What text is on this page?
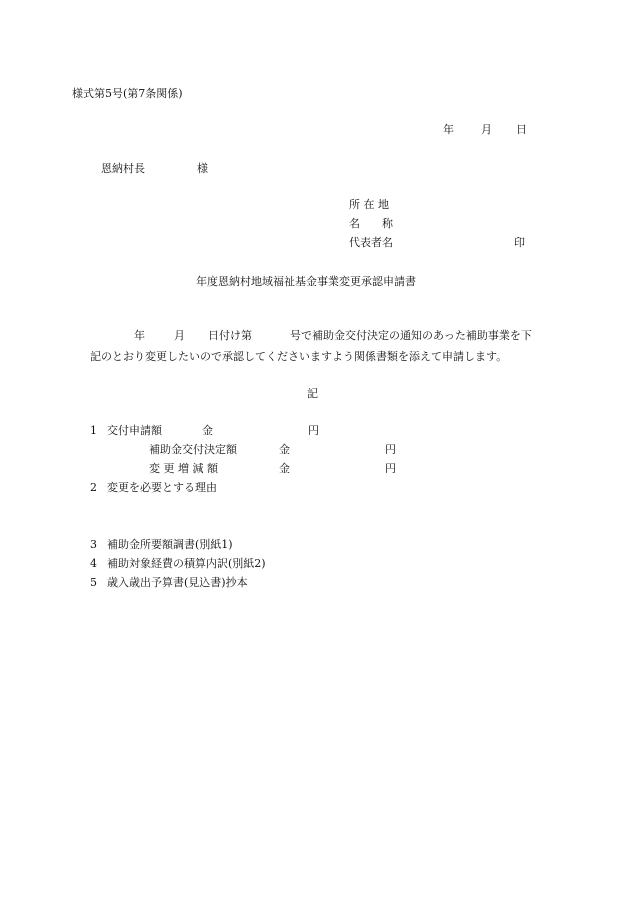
様式第5号(第7条関係)
年 月 日
恩納村長	様
所 在 地
名　　称
代表者名	印
年度恩納村地域福祉基金事業変更承認申請書
年	月 日付け第	号で補助金交付決定の通知のあった補助事業を下
記のとおり変更したいので承認してくださいますよう関係書類を添えて申請します。
記
1 交付申請額	金	円
補助金交付決定額	金	円
変 更 増 減 額	金	円
2 変更を必要とする理由
3 補助金所要額調書(別紙1)
4 補助対象経費の積算内訳(別紙2)
5 歳入歳出予算書(見込書)抄本
